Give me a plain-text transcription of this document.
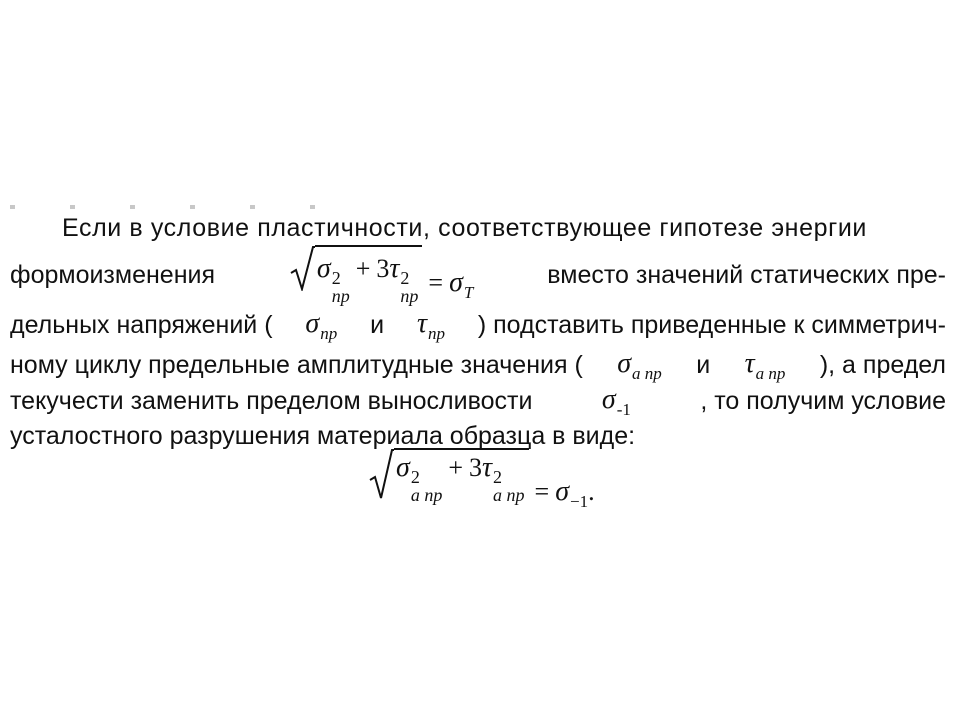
Если в условие пластичности, соответствующее гипотезе энергии
формоизменения	σ 2
пр
+ 3 τ 2
пр = σ T
вместо значений статических пре-
дельных напряжений ( σ пр и τ пр ) подставить приведенные к симметрич-
ному циклу предельные амплитудные значения ( σ а пр и τ а пр ), а предел
текучести заменить пределом выносливости σ -1	, то получим условие
усталостного разрушения материала образца в виде:
σ 2
а пр
+ 3 τ 2
а пр = σ −1 .
